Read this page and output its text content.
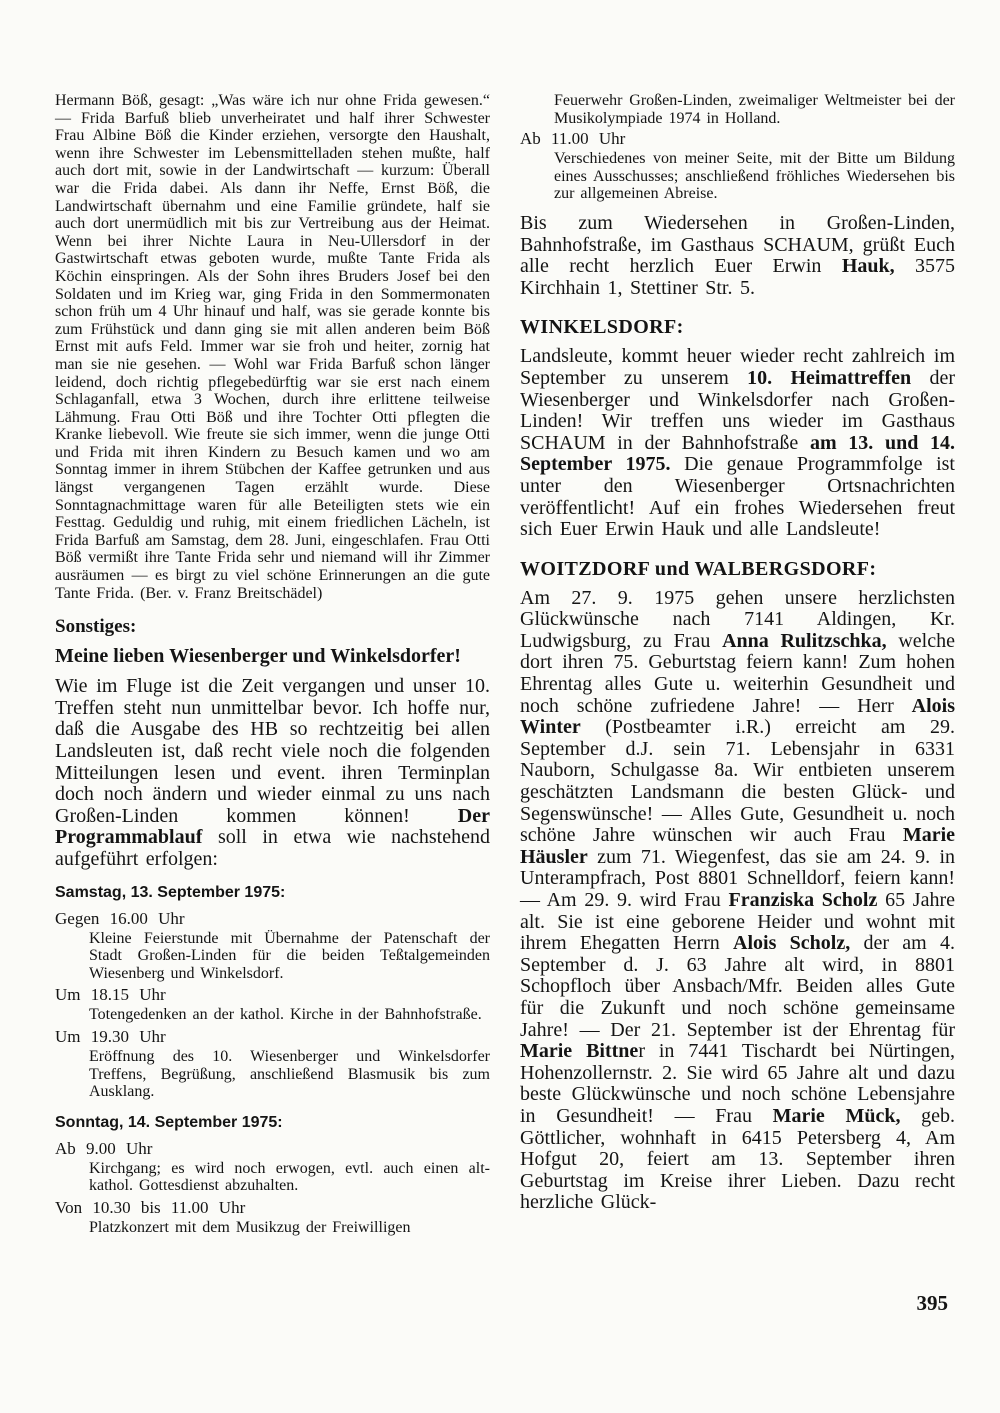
Hermann Böß, gesagt: „Was wäre ich nur ohne Frida gewesen.“ — Frida Barfuß blieb unverheiratet und half ihrer Schwester Frau Albine Böß die Kinder erziehen, versorgte den Haushalt, wenn ihre Schwester im Lebensmittelladen stehen mußte, half auch dort mit, sowie in der Landwirtschaft — kurzum: Überall war die Frida dabei. Als dann ihr Neffe, Ernst Böß, die Landwirtschaft übernahm und eine Familie gründete, half sie auch dort unermüdlich mit bis zur Vertreibung aus der Heimat. Wenn bei ihrer Nichte Laura in Neu-Ullersdorf in der Gastwirtschaft etwas geboten wurde, mußte Tante Frida als Köchin einspringen. Als der Sohn ihres Bruders Josef bei den Soldaten und im Krieg war, ging Frida in den Sommermonaten schon früh um 4 Uhr hinauf und half, was sie gerade konnte bis zum Frühstück und dann ging sie mit allen anderen beim Böß Ernst mit aufs Feld. Immer war sie froh und heiter, zornig hat man sie nie gesehen. — Wohl war Frida Barfuß schon länger leidend, doch richtig pflegebedürftig war sie erst nach einem Schlaganfall, etwa 3 Wochen, durch ihre erlittene teilweise Lähmung. Frau Otti Böß und ihre Tochter Otti pflegten die Kranke liebevoll. Wie freute sie sich immer, wenn die junge Otti und Frida mit ihren Kindern zu Besuch kamen und wo am Sonntag immer in ihrem Stübchen der Kaffee getrunken und aus längst vergangenen Tagen erzählt wurde. Diese Sonntagnachmittage waren für alle Beteiligten stets wie ein Festtag. Geduldig und ruhig, mit einem friedlichen Lächeln, ist Frida Barfuß am Samstag, dem 28. Juni, eingeschlafen. Frau Otti Böß vermißt ihre Tante Frida sehr und niemand will ihr Zimmer ausräumen — es birgt zu viel schöne Erinnerungen an die gute Tante Frida. (Ber. v. Franz Breitschädel)

Sonstiges:
Meine lieben Wiesenberger und Winkelsdorfer!

Wie im Fluge ist die Zeit vergangen und unser 10. Treffen steht nun unmittelbar bevor. Ich hoffe nur, daß die Ausgabe des HB so rechtzeitig bei allen Landsleuten ist, daß recht viele noch die folgenden Mitteilungen lesen und event. ihren Terminplan doch noch ändern und wieder einmal zu uns nach Großen-Linden kommen können! Der Programmablauf soll in etwa wie nachstehend aufgeführt erfolgen:

Samstag, 13. September 1975:

Gegen 16.00 Uhr

Kleine Feierstunde mit Übernahme der Patenschaft der Stadt Großen-Linden für die beiden Teßtalgemeinden Wiesenberg und Winkelsdorf.

Um 18.15 Uhr

Totengedenken an der kathol. Kirche in der Bahnhofstraße.

Um 19.30 Uhr

Eröffnung des 10. Wiesenberger und Winkelsdorfer Treffens, Begrüßung, anschließend Blasmusik bis zum Ausklang.

Sonntag, 14. September 1975:

Ab 9.00 Uhr

Kirchgang; es wird noch erwogen, evtl. auch einen alt-kathol. Gottesdienst abzuhalten.

Von 10.30 bis 11.00 Uhr

Platzkonzert mit dem Musikzug der Freiwilligen

Feuerwehr Großen-Linden, zweimaliger Weltmeister bei der Musikolympiade 1974 in Holland.

Ab 11.00 Uhr

Verschiedenes von meiner Seite, mit der Bitte um Bildung eines Ausschusses; anschließend fröhliches Wiedersehen bis zur allgemeinen Abreise.

Bis zum Wiedersehen in Großen-Linden, Bahnhofstraße, im Gasthaus SCHAUM, grüßt Euch alle recht herzlich Euer Erwin Hauk, 3575 Kirchhain 1, Stettiner Str. 5.

WINKELSDORF:

Landsleute, kommt heuer wieder recht zahlreich im September zu unserem 10. Heimattreffen der Wiesenberger und Winkelsdorfer nach Großen-Linden! Wir treffen uns wieder im Gasthaus SCHAUM in der Bahnhofstraße am 13. und 14. September 1975. Die genaue Programmfolge ist unter den Wiesenberger Ortsnachrichten veröffentlicht! Auf ein frohes Wiedersehen freut sich Euer Erwin Hauk und alle Landsleute!

WOITZDORF und WALBERGSDORF:

Am 27. 9. 1975 gehen unsere herzlichsten Glückwünsche nach 7141 Aldingen, Kr. Ludwigsburg, zu Frau Anna Rulitzschka, welche dort ihren 75. Geburtstag feiern kann! Zum hohen Ehrentag alles Gute u. weiterhin Gesundheit und noch schöne zufriedene Jahre! — Herr Alois Winter (Postbeamter i.R.) erreicht am 29. September d.J. sein 71. Lebensjahr in 6331 Nauborn, Schulgasse 8a. Wir entbieten unserem geschätzten Landsmann die besten Glück- und Segenswünsche! — Alles Gute, Gesundheit u. noch schöne Jahre wünschen wir auch Frau Marie Häusler zum 71. Wiegenfest, das sie am 24. 9. in Unterampfrach, Post 8801 Schnelldorf, feiern kann! — Am 29. 9. wird Frau Franziska Scholz 65 Jahre alt. Sie ist eine geborene Heider und wohnt mit ihrem Ehegatten Herrn Alois Scholz, der am 4. September d. J. 63 Jahre alt wird, in 8801 Schopfloch über Ansbach/Mfr. Beiden alles Gute für die Zukunft und noch schöne gemeinsame Jahre! — Der 21. September ist der Ehrentag für Marie Bittner in 7441 Tischardt bei Nürtingen, Hohenzollernstr. 2. Sie wird 65 Jahre alt und dazu beste Glückwünsche und noch schöne Lebensjahre in Gesundheit! — Frau Marie Mück, geb. Göttlicher, wohnhaft in 6415 Petersberg 4, Am Hofgut 20, feiert am 13. September ihren Geburtstag im Kreise ihrer Lieben. Dazu recht herzliche Glück-

395
